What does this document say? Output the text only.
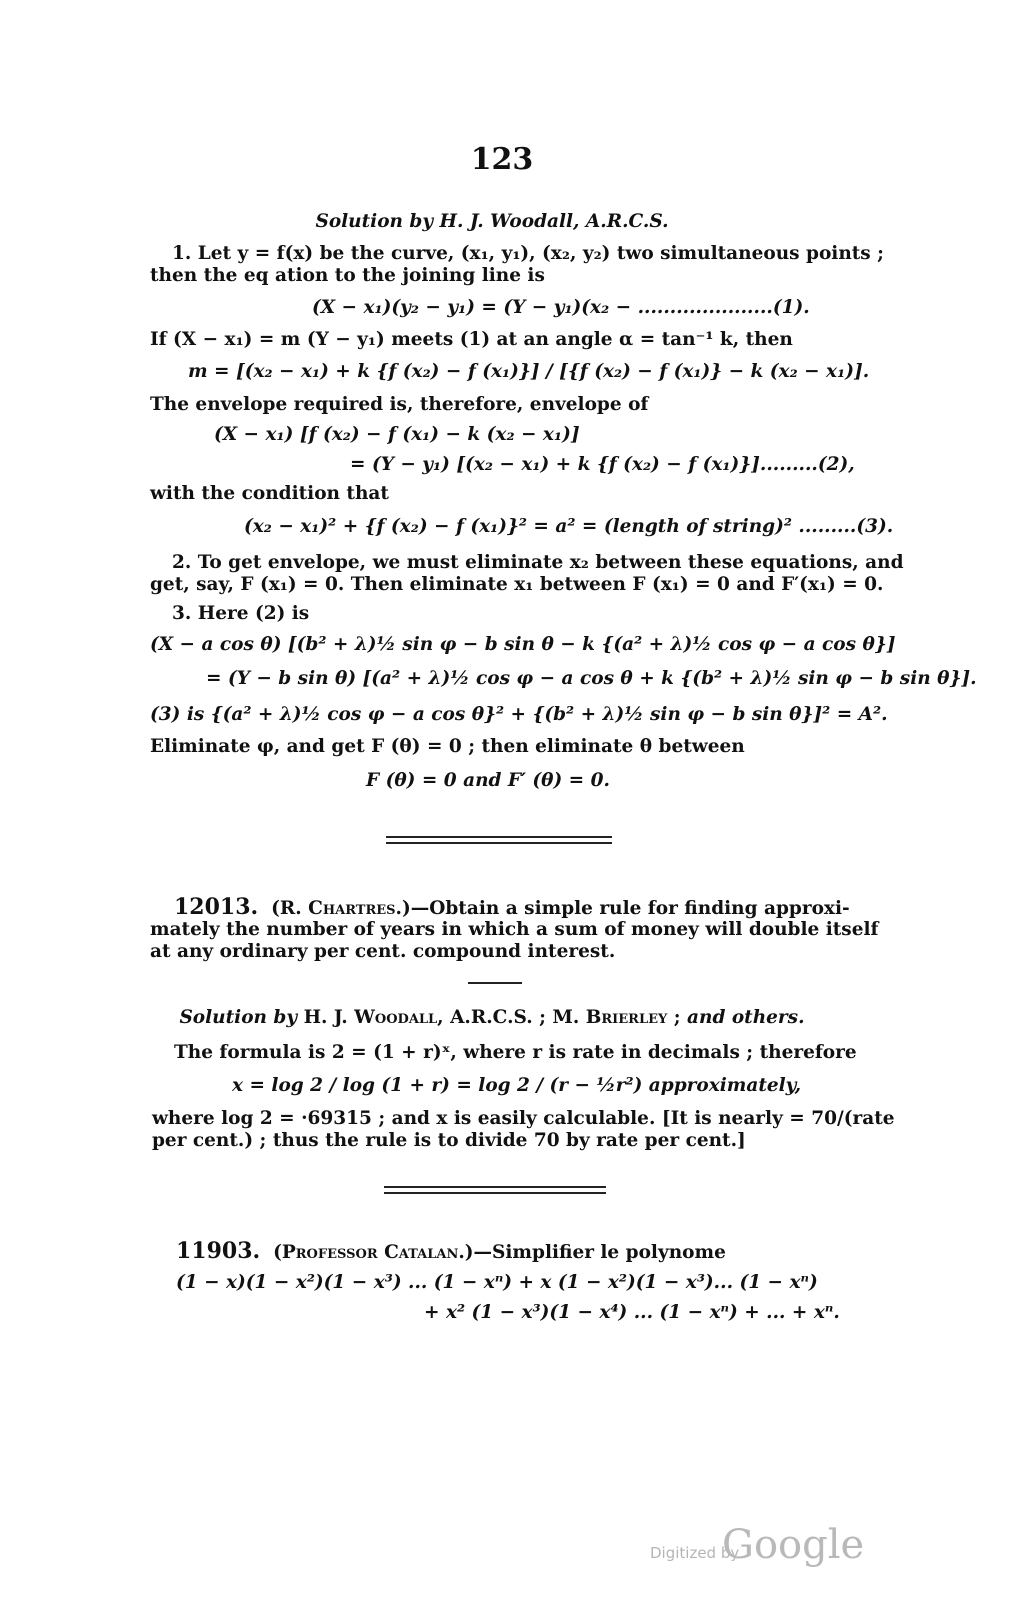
123
Solution by H. J. Woodall, A.R.C.S.
1. Let y = f(x) be the curve, (x₁, y₁), (x₂, y₂) two simultaneous points ;
then the eq ation to the joining line is
(X − x₁)(y₂ − y₁) = (Y − y₁)(x₂ − .....................(1).
If (X − x₁) = m (Y − y₁) meets (1) at an angle α = tan⁻¹ k, then
m = [(x₂ − x₁) + k {f (x₂) − f (x₁)}] / [{f (x₂) − f (x₁)} − k (x₂ − x₁)].
The envelope required is, therefore, envelope of
(X − x₁) [f (x₂) − f (x₁) − k (x₂ − x₁)]
= (Y − y₁) [(x₂ − x₁) + k {f (x₂) − f (x₁)}].........(2),
with the condition that
(x₂ − x₁)² + {f (x₂) − f (x₁)}² = a² = (length of string)² .........(3).
2. To get envelope, we must eliminate x₂ between these equations, and
get, say, F (x₁) = 0. Then eliminate x₁ between F (x₁) = 0 and F′(x₁) = 0.
3. Here (2) is
(X − a cos θ) [(b² + λ)½ sin φ − b sin θ − k {(a² + λ)½ cos φ − a cos θ}]
= (Y − b sin θ) [(a² + λ)½ cos φ − a cos θ + k {(b² + λ)½ sin φ − b sin θ}].
(3) is {(a² + λ)½ cos φ − a cos θ}² + {(b² + λ)½ sin φ − b sin θ}]² = A².
Eliminate φ, and get F (θ) = 0 ; then eliminate θ between
F (θ) = 0 and F′ (θ) = 0.
12013. (R. Chartres.)—Obtain a simple rule for finding approxi-
mately the number of years in which a sum of money will double itself
at any ordinary per cent. compound interest.
Solution by H. J. Woodall, A.R.C.S. ; M. Brierley ; and others.
The formula is 2 = (1 + r)ˣ, where r is rate in decimals ; therefore
x = log 2 / log (1 + r) = log 2 / (r − ½r²) approximately,
where log 2 = ·69315 ; and x is easily calculable. [It is nearly = 70/(rate
per cent.) ; thus the rule is to divide 70 by rate per cent.]
11903. (Professor Catalan.)—Simplifier le polynome
(1 − x)(1 − x²)(1 − x³) ... (1 − xⁿ) + x (1 − x²)(1 − x³)... (1 − xⁿ)
+ x² (1 − x³)(1 − x⁴) ... (1 − xⁿ) + ... + xⁿ.
Digitized by
Google
